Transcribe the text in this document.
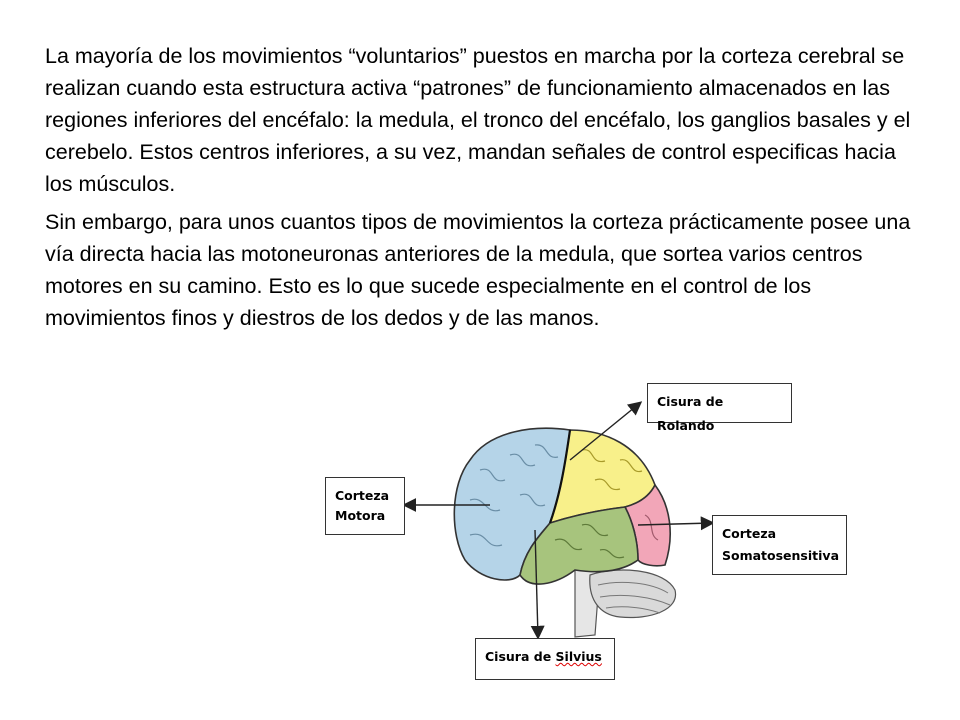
La mayoría de los movimientos “voluntarios” puestos en marcha por la corteza cerebral se realizan cuando esta estructura activa “patrones” de funcionamiento almacenados en las regiones inferiores del encéfalo: la medula, el tronco del encéfalo, los ganglios basales y el cerebelo. Estos centros inferiores, a su vez, mandan señales de control especificas hacia los músculos.

Sin embargo, para unos cuantos tipos de movimientos la corteza prácticamente posee una vía directa hacia las motoneuronas anteriores de la medula, que sortea varios centros motores en su camino. Esto es lo que sucede especialmente en el control de los movimientos finos y diestros de los dedos y de las manos.

Cisura de Rolando
Corteza
Motora
Corteza
Somatosensitiva
Cisura de Silvius
